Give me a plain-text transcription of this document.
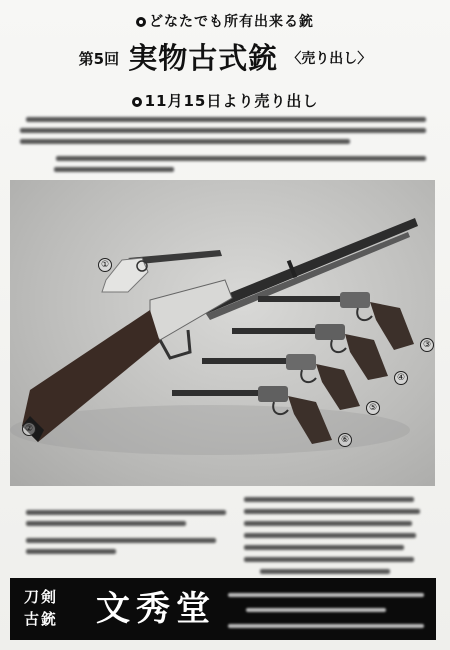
どなたでも所有出来る銃
第5回 実物古式銃 〈売り出し〉
11月15日より売り出し
①
②
③
④
⑤
⑥
刀剣
古銃 文秀堂
